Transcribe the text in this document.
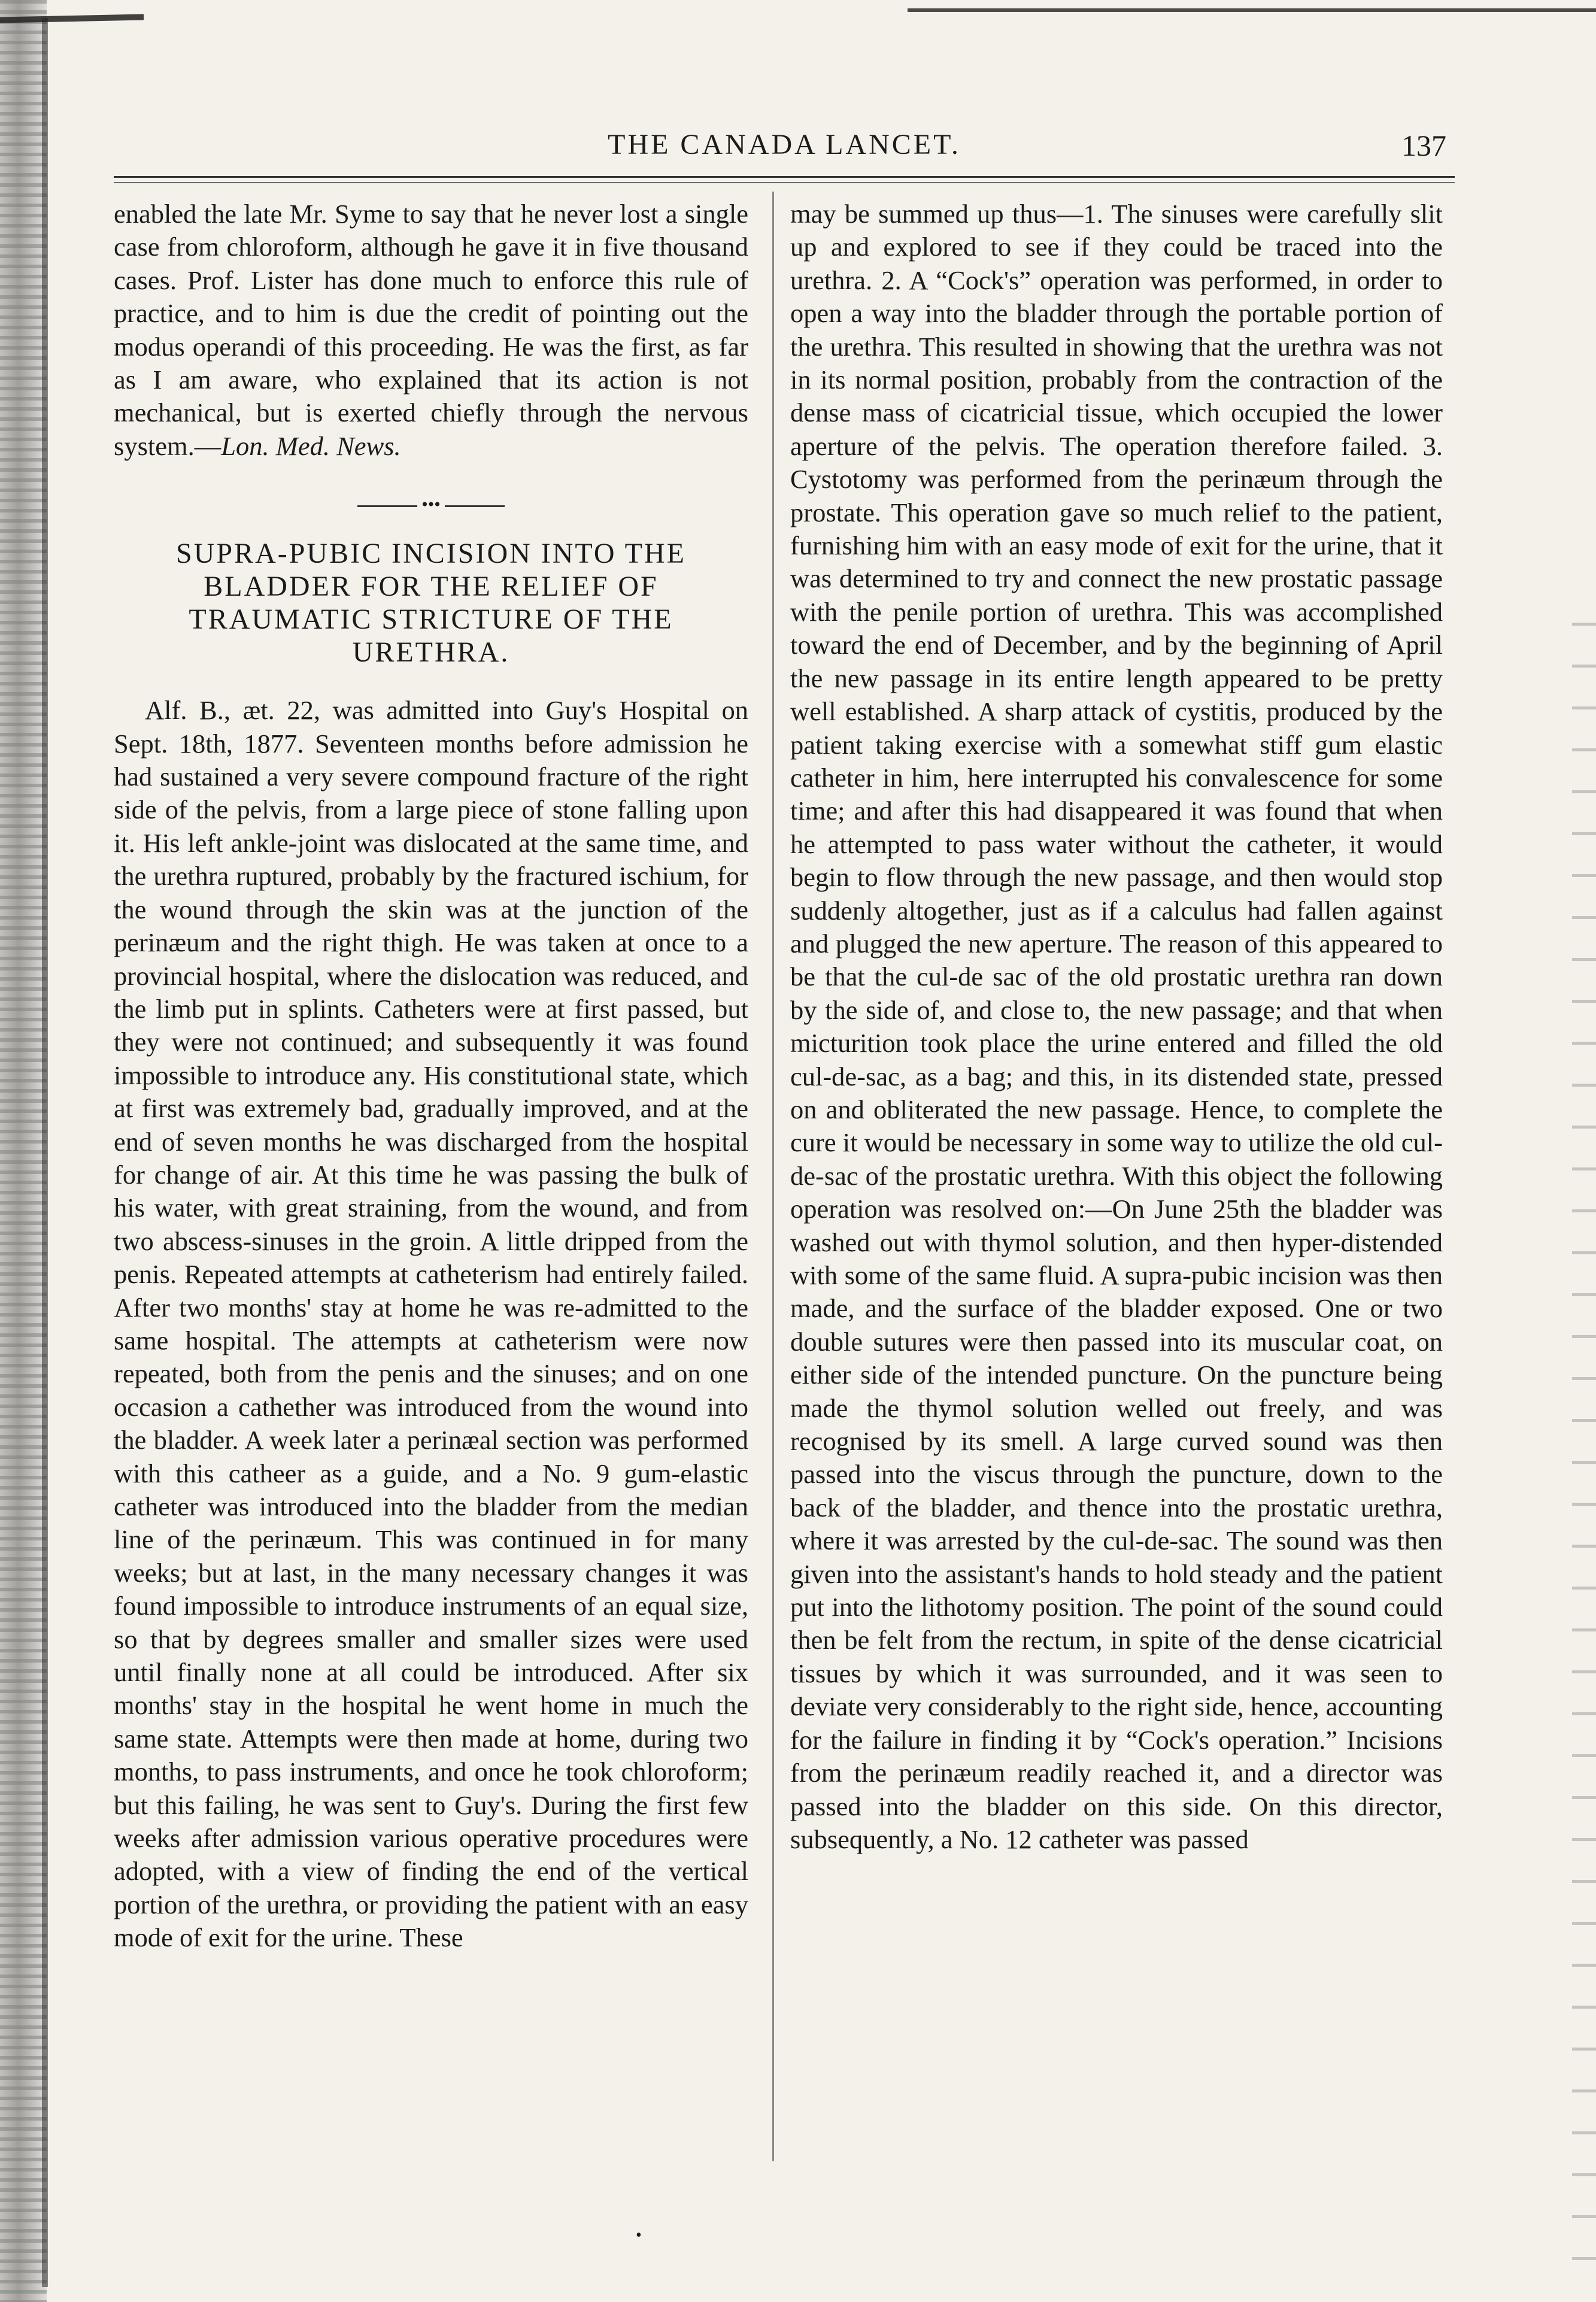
THE CANADA LANCET.	137

enabled the late Mr. Syme to say that he never lost a single case from chloroform, although he gave it in five thousand cases. Prof. Lister has done much to enforce this rule of practice, and to him is due the credit of pointing out the modus operandi of this proceeding. He was the first, as far as I am aware, who explained that its action is not mechanical, but is exerted chiefly through the nervous system.—Lon. Med. News.

•••
SUPRA-PUBIC INCISION INTO THE BLADDER FOR THE RELIEF OF TRAUMATIC STRICTURE OF THE URETHRA.

Alf. B., æt. 22, was admitted into Guy's Hospital on Sept. 18th, 1877. Seventeen months before admission he had sustained a very severe compound fracture of the right side of the pelvis, from a large piece of stone falling upon it. His left ankle-joint was dislocated at the same time, and the urethra ruptured, probably by the fractured ischium, for the wound through the skin was at the junction of the perinæum and the right thigh. He was taken at once to a provincial hospital, where the dislocation was reduced, and the limb put in splints. Catheters were at first passed, but they were not continued; and subsequently it was found impossible to introduce any. His constitutional state, which at first was extremely bad, gradually improved, and at the end of seven months he was discharged from the hospital for change of air. At this time he was passing the bulk of his water, with great straining, from the wound, and from two abscess-sinuses in the groin. A little dripped from the penis. Repeated attempts at catheterism had entirely failed. After two months' stay at home he was re-admitted to the same hospital. The attempts at catheterism were now repeated, both from the penis and the sinuses; and on one occasion a cathether was introduced from the wound into the bladder. A week later a perinæal section was performed with this catheer as a guide, and a No. 9 gum-elastic catheter was introduced into the bladder from the median line of the perinæum. This was continued in for many weeks; but at last, in the many necessary changes it was found impossible to introduce instruments of an equal size, so that by degrees smaller and smaller sizes were used until finally none at all could be introduced. After six months' stay in the hospital he went home in much the same state. Attempts were then made at home, during two months, to pass instruments, and once he took chloroform; but this failing, he was sent to Guy's. During the first few weeks after admission various operative procedures were adopted, with a view of finding the end of the vertical portion of the urethra, or providing the patient with an easy mode of exit for the urine. These

may be summed up thus—1. The sinuses were carefully slit up and explored to see if they could be traced into the urethra. 2. A “Cock's” operation was performed, in order to open a way into the bladder through the portable portion of the urethra. This resulted in showing that the urethra was not in its normal position, probably from the contraction of the dense mass of cicatricial tissue, which occupied the lower aperture of the pelvis. The operation therefore failed. 3. Cystotomy was performed from the perinæum through the prostate. This operation gave so much relief to the patient, furnishing him with an easy mode of exit for the urine, that it was determined to try and connect the new prostatic passage with the penile portion of urethra. This was accomplished toward the end of December, and by the beginning of April the new passage in its entire length appeared to be pretty well established. A sharp attack of cystitis, produced by the patient taking exercise with a somewhat stiff gum elastic catheter in him, here interrupted his convalescence for some time; and after this had disappeared it was found that when he attempted to pass water without the catheter, it would begin to flow through the new passage, and then would stop suddenly altogether, just as if a calculus had fallen against and plugged the new aperture. The reason of this appeared to be that the cul-de sac of the old prostatic urethra ran down by the side of, and close to, the new passage; and that when micturition took place the urine entered and filled the old cul-de-sac, as a bag; and this, in its distended state, pressed on and obliterated the new passage. Hence, to complete the cure it would be necessary in some way to utilize the old cul-de-sac of the prostatic urethra. With this object the following operation was resolved on:—On June 25th the bladder was washed out with thymol solution, and then hyper-distended with some of the same fluid. A supra-pubic incision was then made, and the surface of the bladder exposed. One or two double sutures were then passed into its muscular coat, on either side of the intended puncture. On the puncture being made the thymol solution welled out freely, and was recognised by its smell. A large curved sound was then passed into the viscus through the puncture, down to the back of the bladder, and thence into the prostatic urethra, where it was arrested by the cul-de-sac. The sound was then given into the assistant's hands to hold steady and the patient put into the lithotomy position. The point of the sound could then be felt from the rectum, in spite of the dense cicatricial tissues by which it was surrounded, and it was seen to deviate very considerably to the right side, hence, accounting for the failure in finding it by “Cock's operation.” Incisions from the perinæum readily reached it, and a director was passed into the bladder on this side. On this director, subsequently, a No. 12 catheter was passed

•
